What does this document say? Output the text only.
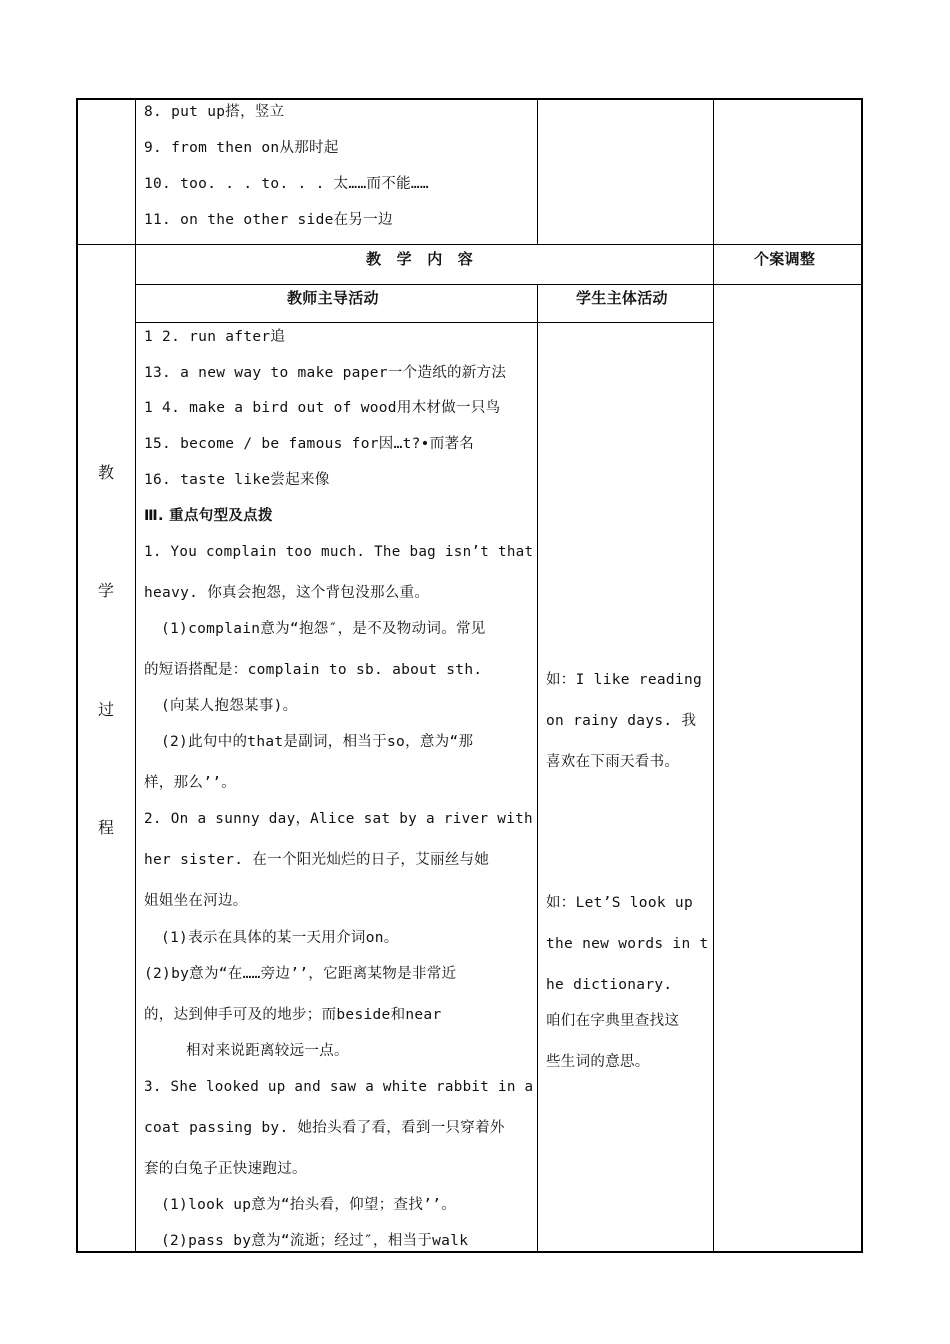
8. put up搭，竖立
9. from then on从那时起
10. too. . . to. . . 太……而不能……
11. on the other side在另一边
教　学　内　容	个案调整
教师主导活动	学生主体活动
教
学
过
程
1 2. run after追
13. a new way to make paper一个造纸的新方法
1 4. make a bird out of wood用木材做一只鸟
15. become / be famous for因…t?•而著名
16. taste like尝起来像
Ⅲ. 重点句型及点拨
1. You complain too much. The bag isn’t that
heavy. 你真会抱怨，这个背包没那么重。
(1)complain意为“抱怨″，是不及物动词。常见
的短语搭配是：complain to sb. about sth.
(向某人抱怨某事)。
(2)此句中的that是副词，相当于so，意为“那
样，那么’’。
2. On a sunny day，Alice sat by a river with
her sister. 在一个阳光灿烂的日子，艾丽丝与她
姐姐坐在河边。
(1)表示在具体的某一天用介词on。
(2)by意为“在……旁边’’，它距离某物是非常近
的，达到伸手可及的地步；而beside和near
相对来说距离较远一点。
3. She looked up and saw a white rabbit in a
coat passing by. 她抬头看了看，看到一只穿着外
套的白兔子正快速跑过。
(1)look up意为“抬头看，仰望；查找’’。
(2)pass by意为“流逝；经过″，相当于walk
如：I like reading
on rainy days. 我
喜欢在下雨天看书。
如：Let’S look up
the new words in t
he dictionary.
咱们在字典里查找这
些生词的意思。
